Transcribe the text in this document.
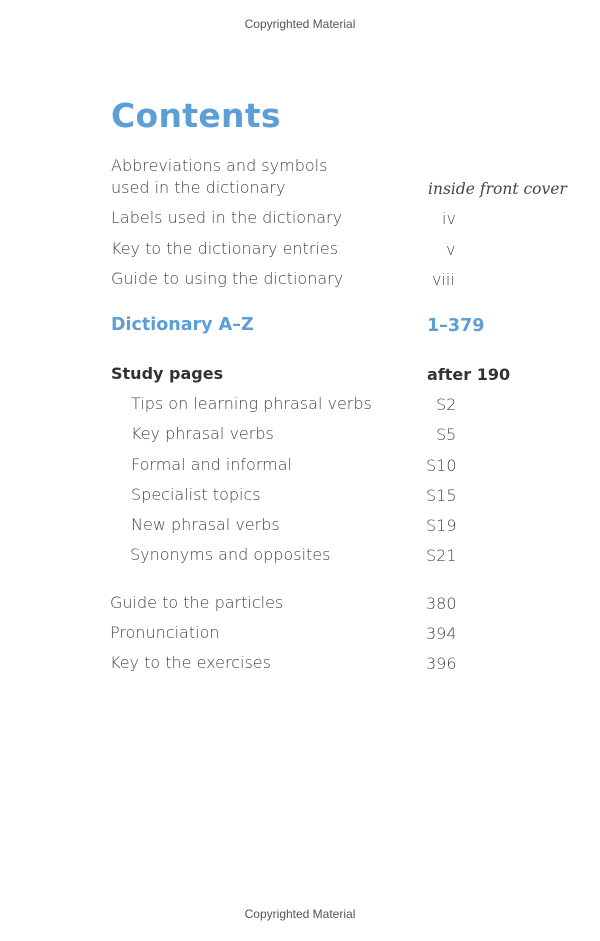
Copyrighted Material
Contents
Abbreviations and symbols
used in the dictionary	inside front cover
Labels used in the dictionary	iv
Key to the dictionary entries	v
Guide to using the dictionary	viii
Dictionary A–Z	1–379
Study pages	after 190
Tips on learning phrasal verbs	S2
Key phrasal verbs	S5
Formal and informal	S10
Specialist topics	S15
New phrasal verbs	S19
Synonyms and opposites	S21
Guide to the particles	380
Pronunciation	394
Key to the exercises	396
Copyrighted Material
